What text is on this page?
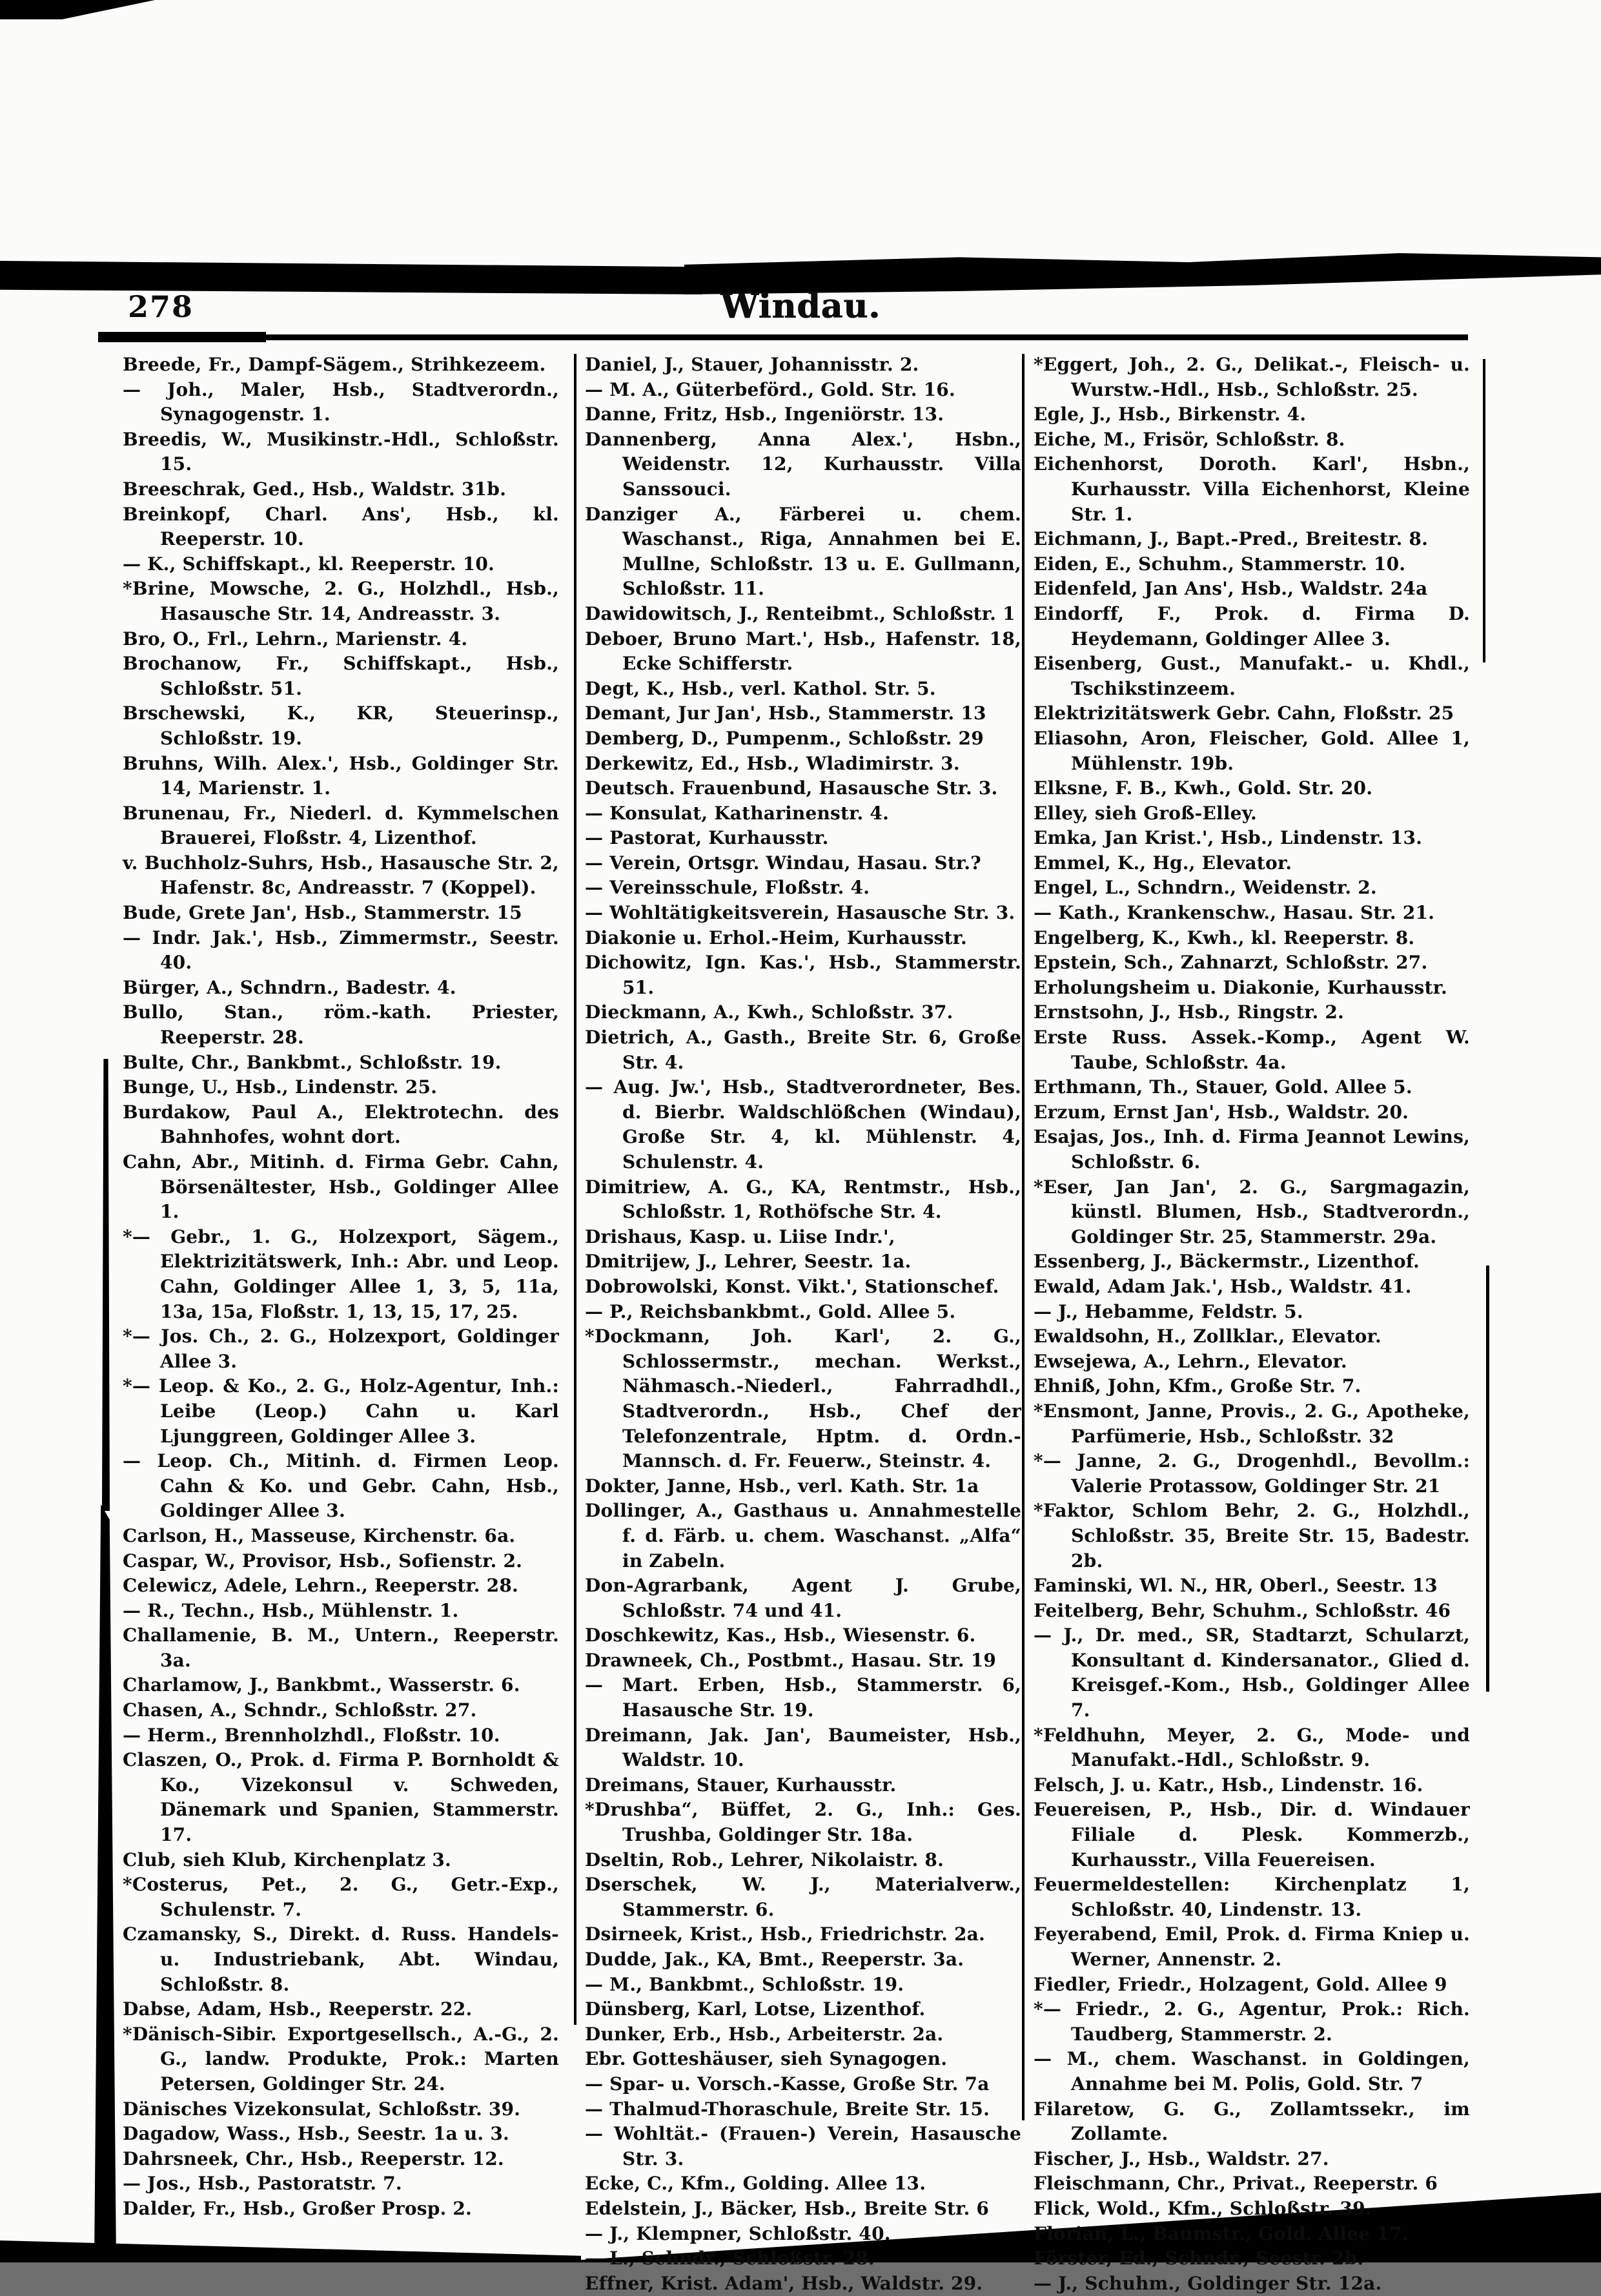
278	Windau.

Breede, Fr., Dampf-Sägem., Strihkezeem.

— Joh., Maler, Hsb., Stadtverordn., Synagogenstr. 1.

Breedis, W., Musikinstr.-Hdl., Schloßstr. 15.

Breeschrak, Ged., Hsb., Waldstr. 31b.

Breinkopf, Charl. Ans', Hsb., kl. Reeperstr. 10.

— K., Schiffskapt., kl. Reeperstr. 10.

*Brine, Mowsche, 2. G., Holzhdl., Hsb., Hasausche Str. 14, Andreasstr. 3.

Bro, O., Frl., Lehrn., Marienstr. 4.

Brochanow, Fr., Schiffskapt., Hsb., Schloßstr. 51.

Brschewski, K., KR, Steuerinsp., Schloßstr. 19.

Bruhns, Wilh. Alex.', Hsb., Goldinger Str. 14, Marienstr. 1.

Brunenau, Fr., Niederl. d. Kymmelschen Brauerei, Floßstr. 4, Lizenthof.

v. Buchholz-Suhrs, Hsb., Hasausche Str. 2, Hafenstr. 8c, Andreasstr. 7 (Koppel).

Bude, Grete Jan', Hsb., Stammerstr. 15

— Indr. Jak.', Hsb., Zimmermstr., Seestr. 40.

Bürger, A., Schndrn., Badestr. 4.

Bullo, Stan., röm.-kath. Priester, Reeperstr. 28.

Bulte, Chr., Bankbmt., Schloßstr. 19.

Bunge, U., Hsb., Lindenstr. 25.

Burdakow, Paul A., Elektrotechn. des Bahnhofes, wohnt dort.

Cahn, Abr., Mitinh. d. Firma Gebr. Cahn, Börsenältester, Hsb., Goldinger Allee 1.

*— Gebr., 1. G., Holzexport, Sägem., Elektrizitätswerk, Inh.: Abr. und Leop. Cahn, Goldinger Allee 1, 3, 5, 11a, 13a, 15a, Floßstr. 1, 13, 15, 17, 25.

*— Jos. Ch., 2. G., Holzexport, Goldinger Allee 3.

*— Leop. & Ko., 2. G., Holz-Agentur, Inh.: Leibe (Leop.) Cahn u. Karl Ljunggreen, Goldinger Allee 3.

— Leop. Ch., Mitinh. d. Firmen Leop. Cahn & Ko. und Gebr. Cahn, Hsb., Goldinger Allee 3.

Carlson, H., Masseuse, Kirchenstr. 6a.

Caspar, W., Provisor, Hsb., Sofienstr. 2.

Celewicz, Adele, Lehrn., Reeperstr. 28.

— R., Techn., Hsb., Mühlenstr. 1.

Challamenie, B. M., Untern., Reeperstr. 3a.

Charlamow, J., Bankbmt., Wasserstr. 6.

Chasen, A., Schndr., Schloßstr. 27.

— Herm., Brennholzhdl., Floßstr. 10.

Claszen, O., Prok. d. Firma P. Bornholdt & Ko., Vizekonsul v. Schweden, Dänemark und Spanien, Stammerstr. 17.

Club, sieh Klub, Kirchenplatz 3.

*Costerus, Pet., 2. G., Getr.-Exp., Schulenstr. 7.

Czamansky, S., Direkt. d. Russ. Handels- u. Industriebank, Abt. Windau, Schloßstr. 8.

Dabse, Adam, Hsb., Reeperstr. 22.

*Dänisch-Sibir. Exportgesellsch., A.-G., 2. G., landw. Produkte, Prok.: Marten Petersen, Goldinger Str. 24.

Dänisches Vizekonsulat, Schloßstr. 39.

Dagadow, Wass., Hsb., Seestr. 1a u. 3.

Dahrsneek, Chr., Hsb., Reeperstr. 12.

— Jos., Hsb., Pastoratstr. 7.

Dalder, Fr., Hsb., Großer Prosp. 2.

Daniel, J., Stauer, Johannisstr. 2.

— M. A., Güterbeförd., Gold. Str. 16.

Danne, Fritz, Hsb., Ingeniörstr. 13.

Dannenberg, Anna Alex.', Hsbn., Weidenstr. 12, Kurhausstr. Villa Sanssouci.

Danziger A., Färberei u. chem. Waschanst., Riga, Annahmen bei E. Mullne, Schloßstr. 13 u. E. Gullmann, Schloßstr. 11.

Dawidowitsch, J., Renteibmt., Schloßstr. 1

Deboer, Bruno Mart.', Hsb., Hafenstr. 18, Ecke Schifferstr.

Degt, K., Hsb., verl. Kathol. Str. 5.

Demant, Jur Jan', Hsb., Stammerstr. 13

Demberg, D., Pumpenm., Schloßstr. 29

Derkewitz, Ed., Hsb., Wladimirstr. 3.

Deutsch. Frauenbund, Hasausche Str. 3.

— Konsulat, Katharinenstr. 4.

— Pastorat, Kurhausstr.

— Verein, Ortsgr. Windau, Hasau. Str.?

— Vereinsschule, Floßstr. 4.

— Wohltätigkeitsverein, Hasausche Str. 3.

Diakonie u. Erhol.-Heim, Kurhausstr.

Dichowitz, Ign. Kas.', Hsb., Stammerstr. 51.

Dieckmann, A., Kwh., Schloßstr. 37.

Dietrich, A., Gasth., Breite Str. 6, Große Str. 4.

— Aug. Jw.', Hsb., Stadtverordneter, Bes. d. Bierbr. Waldschlößchen (Windau), Große Str. 4, kl. Mühlenstr. 4, Schulenstr. 4.

Dimitriew, A. G., KA, Rentmstr., Hsb., Schloßstr. 1, Rothöfsche Str. 4.

Drishaus, Kasp. u. Liise Indr.',

Dmitrijew, J., Lehrer, Seestr. 1a.

Dobrowolski, Konst. Vikt.', Stationschef.

— P., Reichsbankbmt., Gold. Allee 5.

*Dockmann, Joh. Karl', 2. G., Schlossermstr., mechan. Werkst., Nähmasch.-Niederl., Fahrradhdl., Stadtverordn., Hsb., Chef der Telefonzentrale, Hptm. d. Ordn.-Mannsch. d. Fr. Feuerw., Steinstr. 4.

Dokter, Janne, Hsb., verl. Kath. Str. 1a

Dollinger, A., Gasthaus u. Annahmestelle f. d. Färb. u. chem. Waschanst. „Alfa“ in Zabeln.

Don-Agrarbank, Agent J. Grube, Schloßstr. 74 und 41.

Doschkewitz, Kas., Hsb., Wiesenstr. 6.

Drawneek, Ch., Postbmt., Hasau. Str. 19

— Mart. Erben, Hsb., Stammerstr. 6, Hasausche Str. 19.

Dreimann, Jak. Jan', Baumeister, Hsb., Waldstr. 10.

Dreimans, Stauer, Kurhausstr.

*Drushba“, Büffet, 2. G., Inh.: Ges. Trushba, Goldinger Str. 18a.

Dseltin, Rob., Lehrer, Nikolaistr. 8.

Dserschek, W. J., Materialverw., Stammerstr. 6.

Dsirneek, Krist., Hsb., Friedrichstr. 2a.

Dudde, Jak., KA, Bmt., Reeperstr. 3a.

— M., Bankbmt., Schloßstr. 19.

Dünsberg, Karl, Lotse, Lizenthof.

Dunker, Erb., Hsb., Arbeiterstr. 2a.

Ebr. Gotteshäuser, sieh Synagogen.

— Spar- u. Vorsch.-Kasse, Große Str. 7a

— Thalmud-Thoraschule, Breite Str. 15.

— Wohltät.- (Frauen-) Verein, Hasausche Str. 3.

Ecke, C., Kfm., Golding. Allee 13.

Edelstein, J., Bäcker, Hsb., Breite Str. 6

— J., Klempner, Schloßstr. 40.

— L., Schndr., Schloßstr. 28.

Effner, Krist. Adam', Hsb., Waldstr. 29.

*Eggert, Joh., 2. G., Delikat.-, Fleisch- u. Wurstw.-Hdl., Hsb., Schloßstr. 25.

Egle, J., Hsb., Birkenstr. 4.

Eiche, M., Frisör, Schloßstr. 8.

Eichenhorst, Doroth. Karl', Hsbn., Kurhausstr. Villa Eichenhorst, Kleine Str. 1.

Eichmann, J., Bapt.-Pred., Breitestr. 8.

Eiden, E., Schuhm., Stammerstr. 10.

Eidenfeld, Jan Ans', Hsb., Waldstr. 24a

Eindorff, F., Prok. d. Firma D. Heydemann, Goldinger Allee 3.

Eisenberg, Gust., Manufakt.- u. Khdl., Tschikstinzeem.

Elektrizitätswerk Gebr. Cahn, Floßstr. 25

Eliasohn, Aron, Fleischer, Gold. Allee 1, Mühlenstr. 19b.

Elksne, F. B., Kwh., Gold. Str. 20.

Elley, sieh Groß-Elley.

Emka, Jan Krist.', Hsb., Lindenstr. 13.

Emmel, K., Hg., Elevator.

Engel, L., Schndrn., Weidenstr. 2.

— Kath., Krankenschw., Hasau. Str. 21.

Engelberg, K., Kwh., kl. Reeperstr. 8.

Epstein, Sch., Zahnarzt, Schloßstr. 27.

Erholungsheim u. Diakonie, Kurhausstr.

Ernstsohn, J., Hsb., Ringstr. 2.

Erste Russ. Assek.-Komp., Agent W. Taube, Schloßstr. 4a.

Erthmann, Th., Stauer, Gold. Allee 5.

Erzum, Ernst Jan', Hsb., Waldstr. 20.

Esajas, Jos., Inh. d. Firma Jeannot Lewins, Schloßstr. 6.

*Eser, Jan Jan', 2. G., Sargmagazin, künstl. Blumen, Hsb., Stadtverordn., Goldinger Str. 25, Stammerstr. 29a.

Essenberg, J., Bäckermstr., Lizenthof.

Ewald, Adam Jak.', Hsb., Waldstr. 41.

— J., Hebamme, Feldstr. 5.

Ewaldsohn, H., Zollklar., Elevator.

Ewsejewa, A., Lehrn., Elevator.

Ehniß, John, Kfm., Große Str. 7.

*Ensmont, Janne, Provis., 2. G., Apotheke, Parfümerie, Hsb., Schloßstr. 32

*— Janne, 2. G., Drogenhdl., Bevollm.: Valerie Protassow, Goldinger Str. 21

*Faktor, Schlom Behr, 2. G., Holzhdl., Schloßstr. 35, Breite Str. 15, Badestr. 2b.

Faminski, Wl. N., HR, Oberl., Seestr. 13

Feitelberg, Behr, Schuhm., Schloßstr. 46

— J., Dr. med., SR, Stadtarzt, Schularzt, Konsultant d. Kindersanator., Glied d. Kreisgef.-Kom., Hsb., Goldinger Allee 7.

*Feldhuhn, Meyer, 2. G., Mode- und Manufakt.-Hdl., Schloßstr. 9.

Felsch, J. u. Katr., Hsb., Lindenstr. 16.

Feuereisen, P., Hsb., Dir. d. Windauer Filiale d. Plesk. Kommerzb., Kurhausstr., Villa Feuereisen.

Feuermeldestellen: Kirchenplatz 1, Schloßstr. 40, Lindenstr. 13.

Feyerabend, Emil, Prok. d. Firma Kniep u. Werner, Annenstr. 2.

Fiedler, Friedr., Holzagent, Gold. Allee 9

*— Friedr., 2. G., Agentur, Prok.: Rich. Taudberg, Stammerstr. 2.

— M., chem. Waschanst. in Goldingen, Annahme bei M. Polis, Gold. Str. 7

Filaretow, G. G., Zollamtssekr., im Zollamte.

Fischer, J., Hsb., Waldstr. 27.

Fleischmann, Chr., Privat., Reeperstr. 6

Flick, Wold., Kfm., Schloßstr. 39.

Florian, L., Baumstr., Gold. Allee 17.

Förster, Ed., Schndr., Seestr. 2b.

— J., Schuhm., Goldinger Str. 12a.
